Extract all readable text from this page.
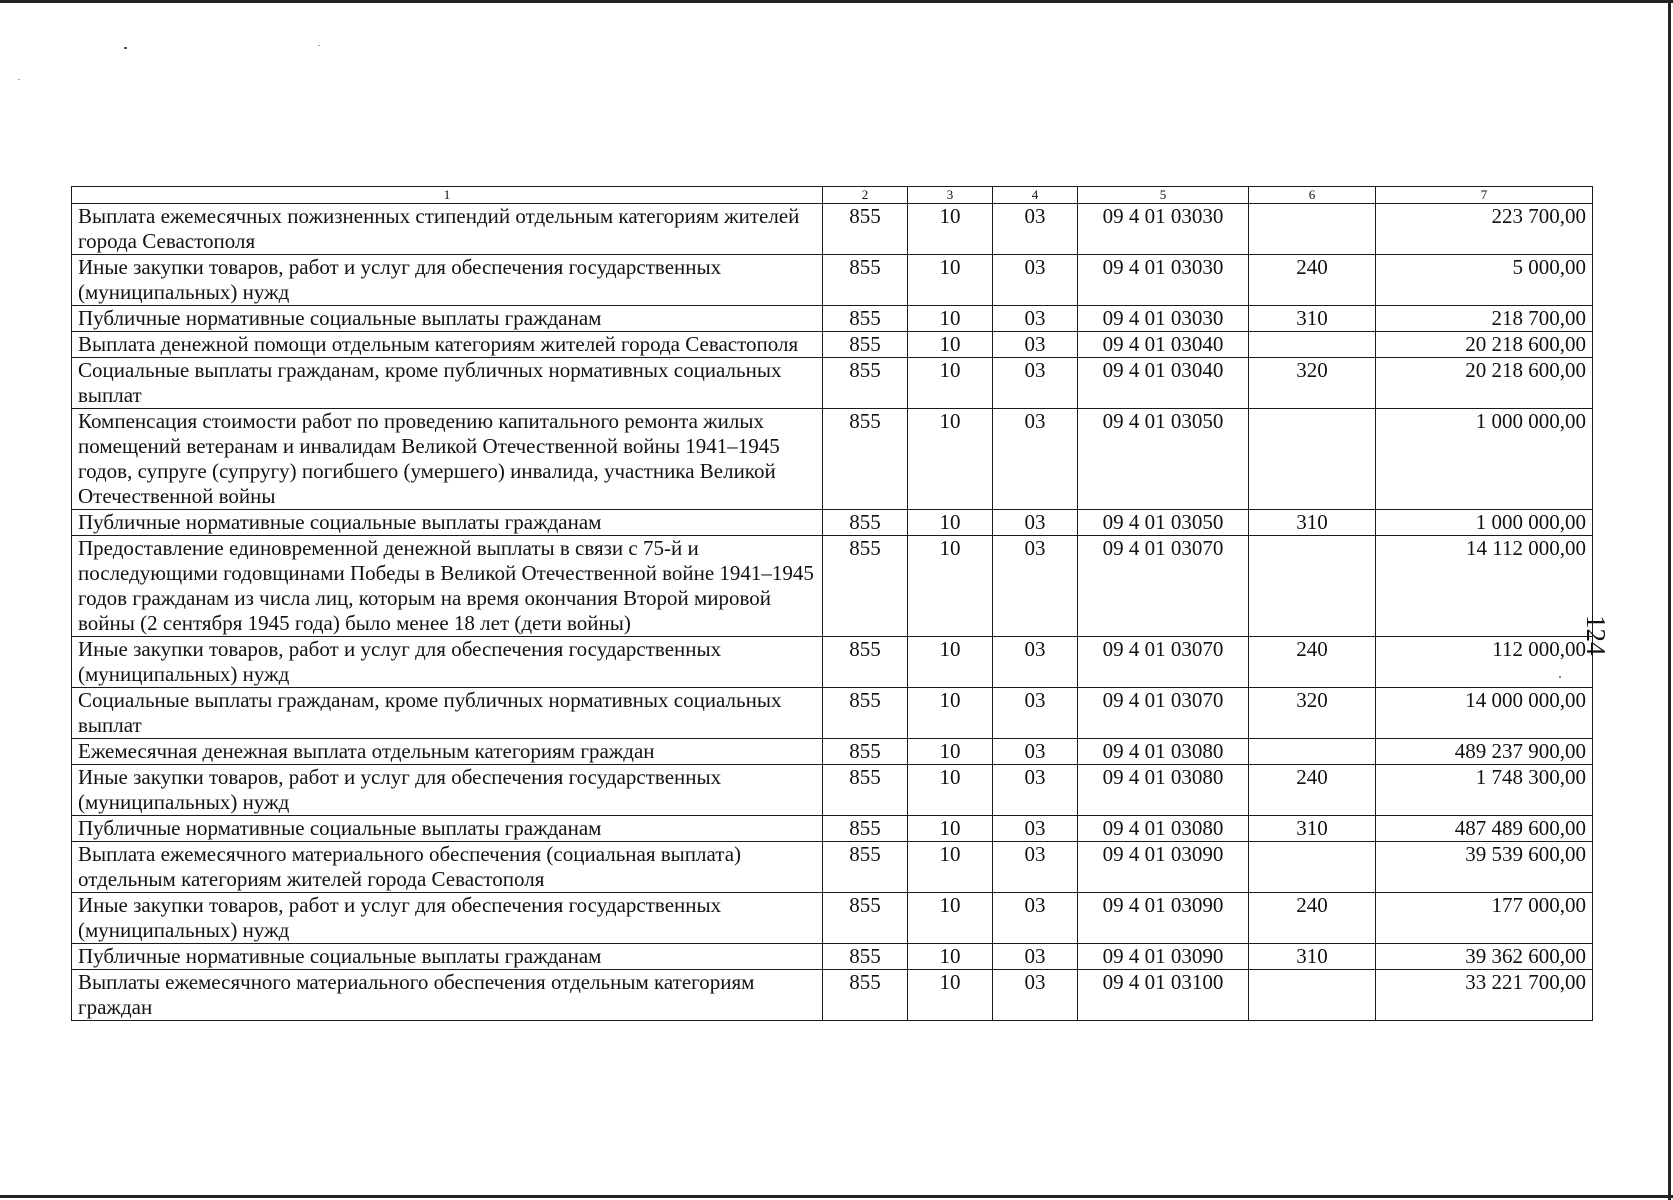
124
1	2	3	4	5	6	7
Выплата ежемесячных пожизненных стипендий отдельным категориям жителей города Севастополя	855	10	03	09 4 01 03030		223 700,00
Иные закупки товаров, работ и услуг для обеспечения государственных (муниципальных) нужд	855	10	03	09 4 01 03030	240	5 000,00
Публичные нормативные социальные выплаты гражданам	855	10	03	09 4 01 03030	310	218 700,00
Выплата денежной помощи отдельным категориям жителей города Севастополя	855	10	03	09 4 01 03040		20 218 600,00
Социальные выплаты гражданам, кроме публичных нормативных социальных выплат	855	10	03	09 4 01 03040	320	20 218 600,00
Компенсация стоимости работ по проведению капитального ремонта жилых помещений ветеранам и инвалидам Великой Отечественной войны 1941–1945 годов, супруге (супругу) погибшего (умершего) инвалида, участника Великой Отечественной войны	855	10	03	09 4 01 03050		1 000 000,00
Публичные нормативные социальные выплаты гражданам	855	10	03	09 4 01 03050	310	1 000 000,00
Предоставление единовременной денежной выплаты в связи с 75-й и последующими годовщинами Победы в Великой Отечественной войне 1941–1945 годов гражданам из числа лиц, которым на время окончания Второй мировой войны (2 сентября 1945 года) было менее 18 лет (дети войны)	855	10	03	09 4 01 03070		14 112 000,00
Иные закупки товаров, работ и услуг для обеспечения государственных (муниципальных) нужд	855	10	03	09 4 01 03070	240	112 000,00
Социальные выплаты гражданам, кроме публичных нормативных социальных выплат	855	10	03	09 4 01 03070	320	14 000 000,00
Ежемесячная денежная выплата отдельным категориям граждан	855	10	03	09 4 01 03080		489 237 900,00
Иные закупки товаров, работ и услуг для обеспечения государственных (муниципальных) нужд	855	10	03	09 4 01 03080	240	1 748 300,00
Публичные нормативные социальные выплаты гражданам	855	10	03	09 4 01 03080	310	487 489 600,00
Выплата ежемесячного материального обеспечения (социальная выплата) отдельным категориям жителей города Севастополя	855	10	03	09 4 01 03090		39 539 600,00
Иные закупки товаров, работ и услуг для обеспечения государственных (муниципальных) нужд	855	10	03	09 4 01 03090	240	177 000,00
Публичные нормативные социальные выплаты гражданам	855	10	03	09 4 01 03090	310	39 362 600,00
Выплаты ежемесячного материального обеспечения отдельным категориям граждан	855	10	03	09 4 01 03100		33 221 700,00
